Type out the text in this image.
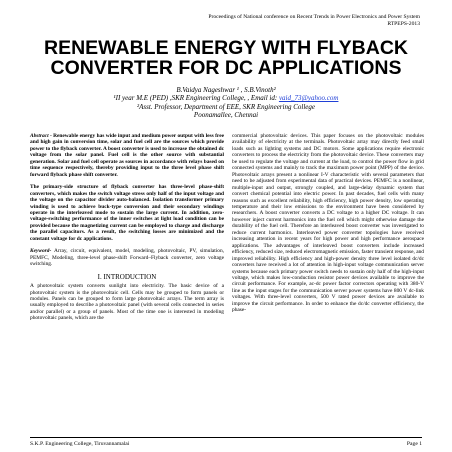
Proceedings of National conference on Recent Trends in Power Electronics and Power System
RTPEPS-2013
RENEWABLE ENERGY WITH FLYBACK
CONVERTER FOR DC APPLICATIONS
B.Vaidya Nageshwar ¹ , S.B.Vinoth²
¹II year M.E (PED) ,SKR Engineering College, , Email id: vaid_73@yahoo.com
²Asst. Professor, Department of EEE, SKR Engineering College
Poonamallee, Chennai

Abstract - Renewable energy has wide input and medium power output with less free and high gain in conversion time, solar and fuel cell are the sources which provide power to the flyback converter. A boost converter is used to increase the obtained dc voltage from the solar panel. Fuel cell is the other source with substantial generation. Solar and fuel cell operate as sources in accordance with relays based on time sequence respectively, thereby providing input to the three level phase shift forward flyback phase shift converter.

The primary-side structure of flyback converter has three-level phase-shift converters, which makes the switch voltage stress only half of the input voltage and the voltage on the capacitor divider auto-balanced. Isolation transformer primary winding is used to achieve buck-type conversion and their secondary windings operate in the interleaved mode to sustain the large current. In addition, zero-voltage-switching performance of the inner switches at light load condition can be provided because the magnetizing current can be employed to charge and discharge the parallel capacitors. As a result, the switching losses are minimized and the constant voltage for dc applications.

Keyword- Array, circuit, equivalent, model, modeling, photovoltaic, PV, simulation, PEMFC, Modeling, three-level phase-shift Forward–Flyback converter, zero voltage switching.

I. INTRODUCTION

A photovoltaic system converts sunlight into electricity. The basic device of a photovoltaic system is the photovoltaic cell. Cells may be grouped to form panels or modules. Panels can be grouped to form large photovoltaic arrays. The term array is usually employed to describe a photovoltaic panel (with several cells connected in series and/or parallel) or a group of panels. Most of the time one is interested in modeling photovoltaic panels, which are the

commercial photovoltaic devices. This paper focuses on the photovoltaic modules availability of electricity at the terminals. Photovoltaic array may directly feed small loads such as lighting systems and DC motors. Some applications require electronic converters to process the electricity from the photovoltaic device. These converters may be used to regulate the voltage and current at the load, to control the power flow in grid connected systems and mainly to track the maximum power point (MPP) of the device. Photovoltaic arrays present a nonlinear I-V characteristic with several parameters that need to be adjusted from experimental data of practical devices. PEMFC is a nonlinear, multiple-input and output, strongly coupled, and large-delay dynamic system that convert chemical potential into electric power. In past decades, fuel cells with many reasons such as excellent reliability, high efficiency, high power density, low operating temperature and their low emissions to the environment have been considered by researchers. A boost converter converts a DC voltage to a higher DC voltage. It can however inject current harmonics into the fuel cell which might otherwise damage the durability of the fuel cell. Therefore an interleaved boost converter was investigated to reduce current harmonics. Interleaved power converter topologies have received increasing attention in recent years for high power and high performance aerospace applications. The advantages of interleaved boost converters include increased efficiency, reduced size, reduced electromagnetic emission, faster transient response, and improved reliability. High efficiency and high-power density three level isolated dc/dc converters have received a lot of attention in high-input voltage communication server systems because each primary power switch needs to sustain only half of the high-input voltage, which makes low-conduction resistor power devices available to improve the circuit performance. For example, ac-dc power factor correctors operating with 380-V line as the input stages for the communication server power systems have 800 V dc-link voltages. With three-level converters, 500 V rated power devices are available to improve the circuit performance. In order to enhance the dc/dc converter efficiency, the phase-

S.K.P. Engineering College, Tiruvannamalai	Page 1
